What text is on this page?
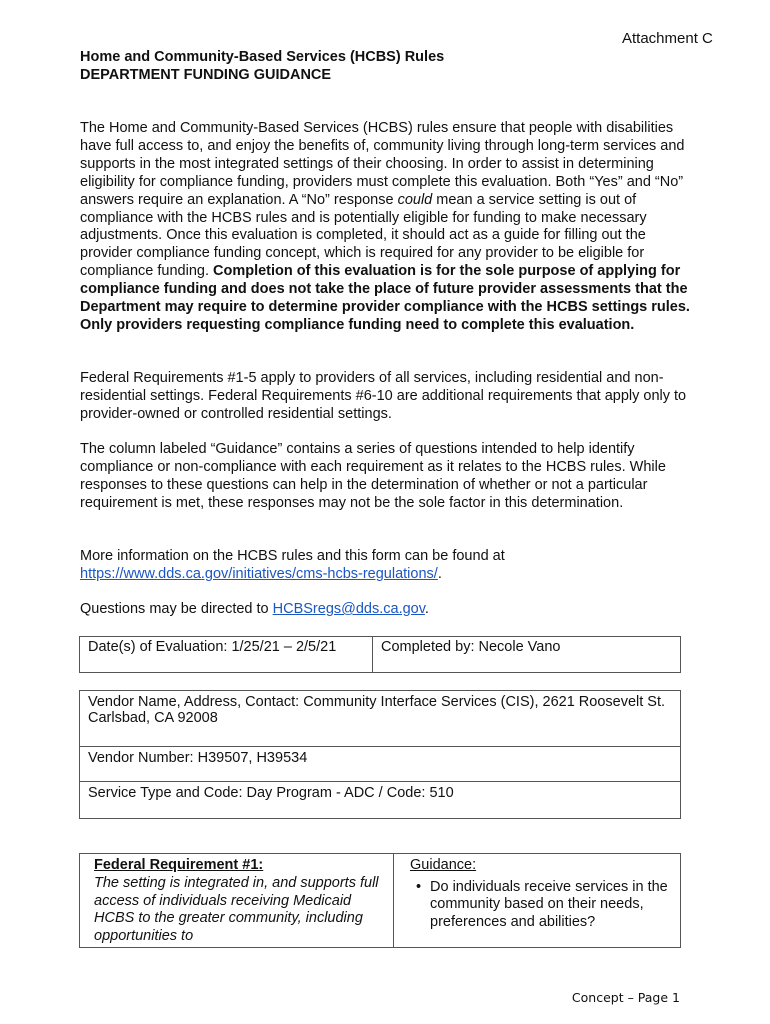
Attachment C
Home and Community-Based Services (HCBS) Rules
DEPARTMENT FUNDING GUIDANCE

The Home and Community-Based Services (HCBS) rules ensure that people with disabilities have full access to, and enjoy the benefits of, community living through long-term services and supports in the most integrated settings of their choosing. In order to assist in determining eligibility for compliance funding, providers must complete this evaluation. Both “Yes” and “No” answers require an explanation. A “No” response could mean a service setting is out of compliance with the HCBS rules and is potentially eligible for funding to make necessary adjustments. Once this evaluation is completed, it should act as a guide for filling out the provider compliance funding concept, which is required for any provider to be eligible for compliance funding. Completion of this evaluation is for the sole purpose of applying for compliance funding and does not take the place of future provider assessments that the Department may require to determine provider compliance with the HCBS settings rules. Only providers requesting compliance funding need to complete this evaluation.

Federal Requirements #1-5 apply to providers of all services, including residential and non-residential settings. Federal Requirements #6-10 are additional requirements that apply only to provider-owned or controlled residential settings.

The column labeled “Guidance” contains a series of questions intended to help identify compliance or non-compliance with each requirement as it relates to the HCBS rules. While responses to these questions can help in the determination of whether or not a particular requirement is met, these responses may not be the sole factor in this determination.

More information on the HCBS rules and this form can be found at
https://www.dds.ca.gov/initiatives/cms-hcbs-regulations/.

Questions may be directed to HCBSregs@dds.ca.gov.

Date(s) of Evaluation: 1/25/21 – 2/5/21	Completed by: Necole Vano
Vendor Name, Address, Contact: Community Interface Services (CIS), 2621 Roosevelt St. Carlsbad, CA 92008
Vendor Number: H39507, H39534
Service Type and Code: Day Program - ADC / Code: 510
Federal Requirement #1:
The setting is integrated in, and supports full access of individuals receiving Medicaid HCBS to the greater community, including opportunities to

Guidance:
• Do individuals receive services in the community based on their needs, preferences and abilities?
Concept – Page 1
